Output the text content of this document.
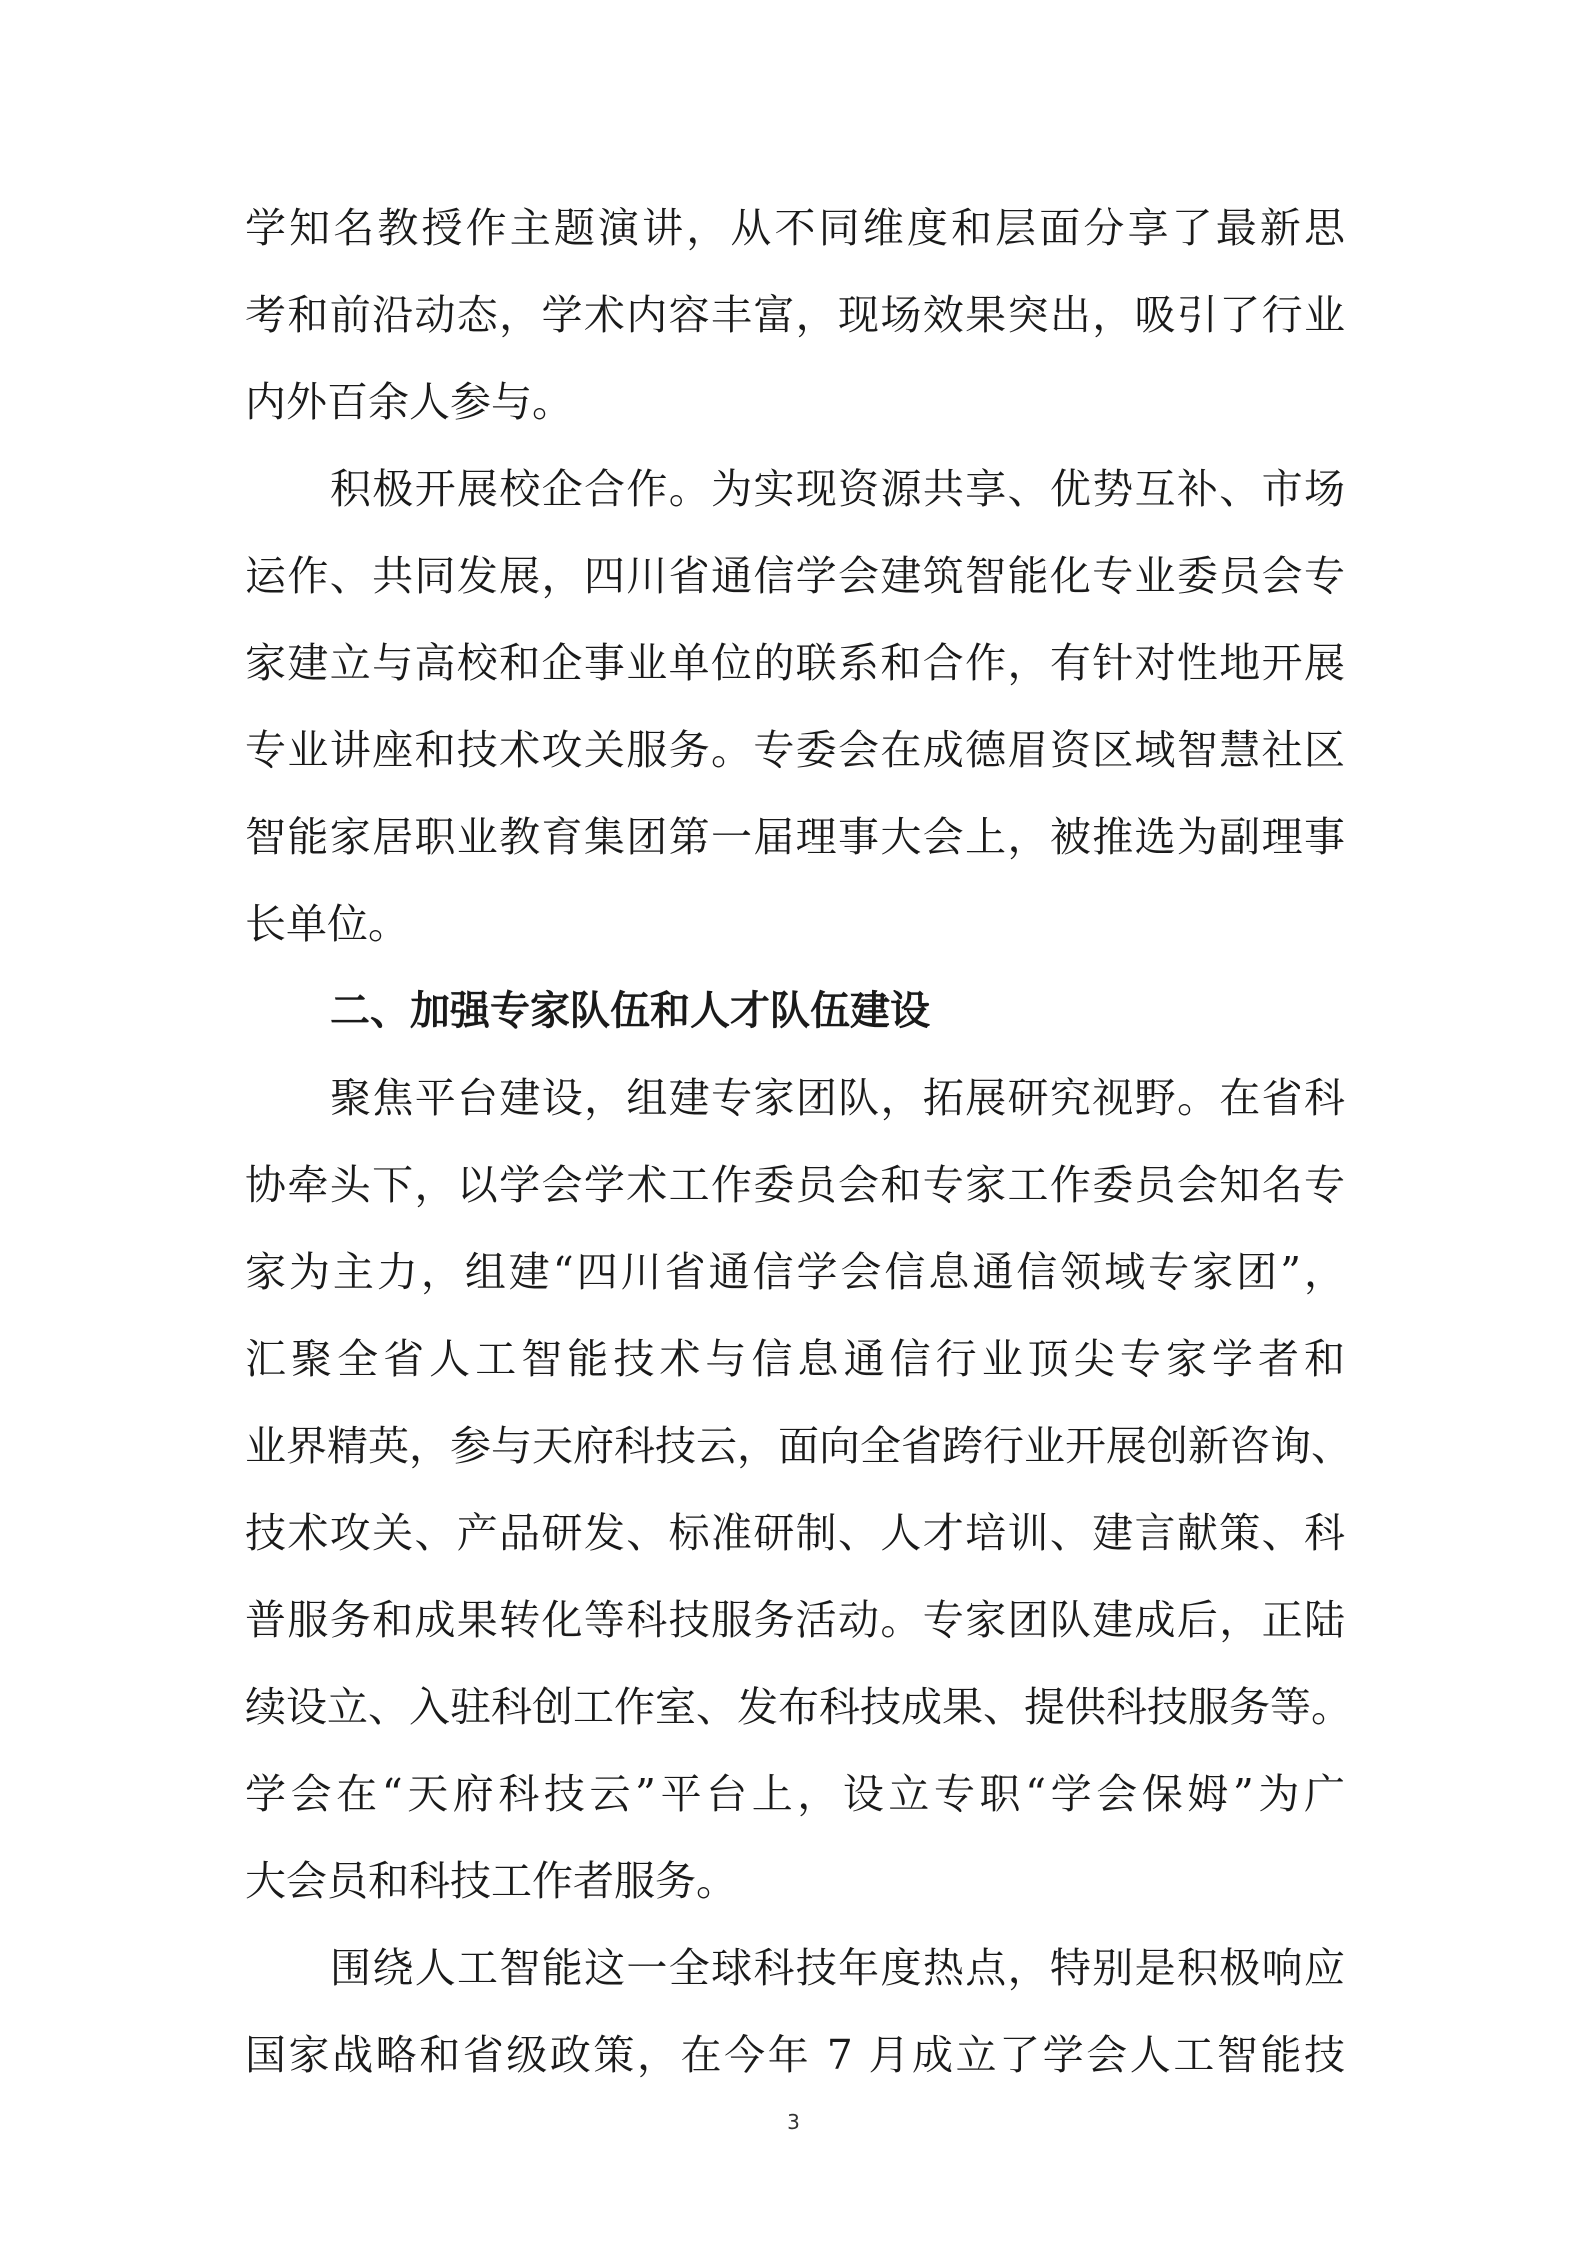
学知名教授作主题演讲，从不同维度和层面分享了最新思
考和前沿动态，学术内容丰富，现场效果突出，吸引了行业
内外百余人参与。
积极开展校企合作。为实现资源共享、优势互补、市场
运作、共同发展，四川省通信学会建筑智能化专业委员会专
家建立与高校和企事业单位的联系和合作，有针对性地开展
专业讲座和技术攻关服务。专委会在成德眉资区域智慧社区
智能家居职业教育集团第一届理事大会上，被推选为副理事
长单位。
二、加强专家队伍和人才队伍建设
聚焦平台建设，组建专家团队，拓展研究视野。在省科
协牵头下，以学会学术工作委员会和专家工作委员会知名专
家为主力，组建“四川省通信学会信息通信领域专家团”，
汇聚全省人工智能技术与信息通信行业顶尖专家学者和
业界精英，参与天府科技云，面向全省跨行业开展创新咨询、
技术攻关、产品研发、标准研制、人才培训、建言献策、科
普服务和成果转化等科技服务活动。专家团队建成后，正陆
续设立、入驻科创工作室、发布科技成果、提供科技服务等。
学会在“天府科技云”平台上，设立专职“学会保姆”为广
大会员和科技工作者服务。
围绕人工智能这一全球科技年度热点，特别是积极响应
国家战略和省级政策，在今年 7 月成立了学会人工智能技
3
